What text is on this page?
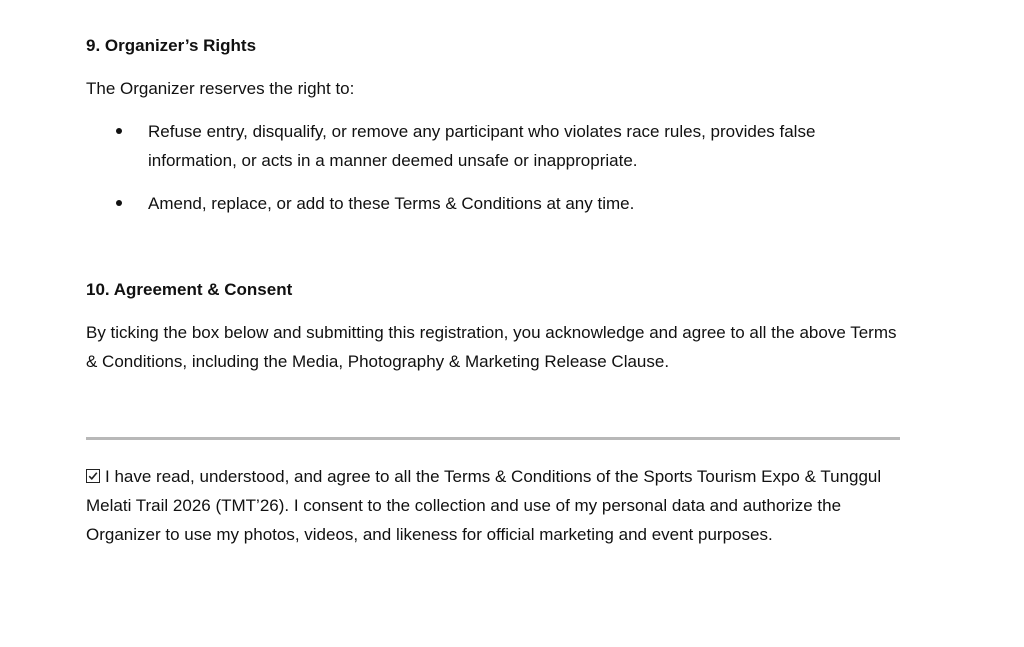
9. Organizer’s Rights

The Organizer reserves the right to:

Refuse entry, disqualify, or remove any participant who violates race rules, provides false information, or acts in a manner deemed unsafe or inappropriate.
Amend, replace, or add to these Terms & Conditions at any time.
10. Agreement & Consent

By ticking the box below and submitting this registration, you acknowledge and agree to all the above Terms & Conditions, including the Media, Photography & Marketing Release Clause.

I have read, understood, and agree to all the Terms & Conditions of the Sports Tourism Expo & Tunggul Melati Trail 2026 (TMT’26). I consent to the collection and use of my personal data and authorize the Organizer to use my photos, videos, and likeness for official marketing and event purposes.
